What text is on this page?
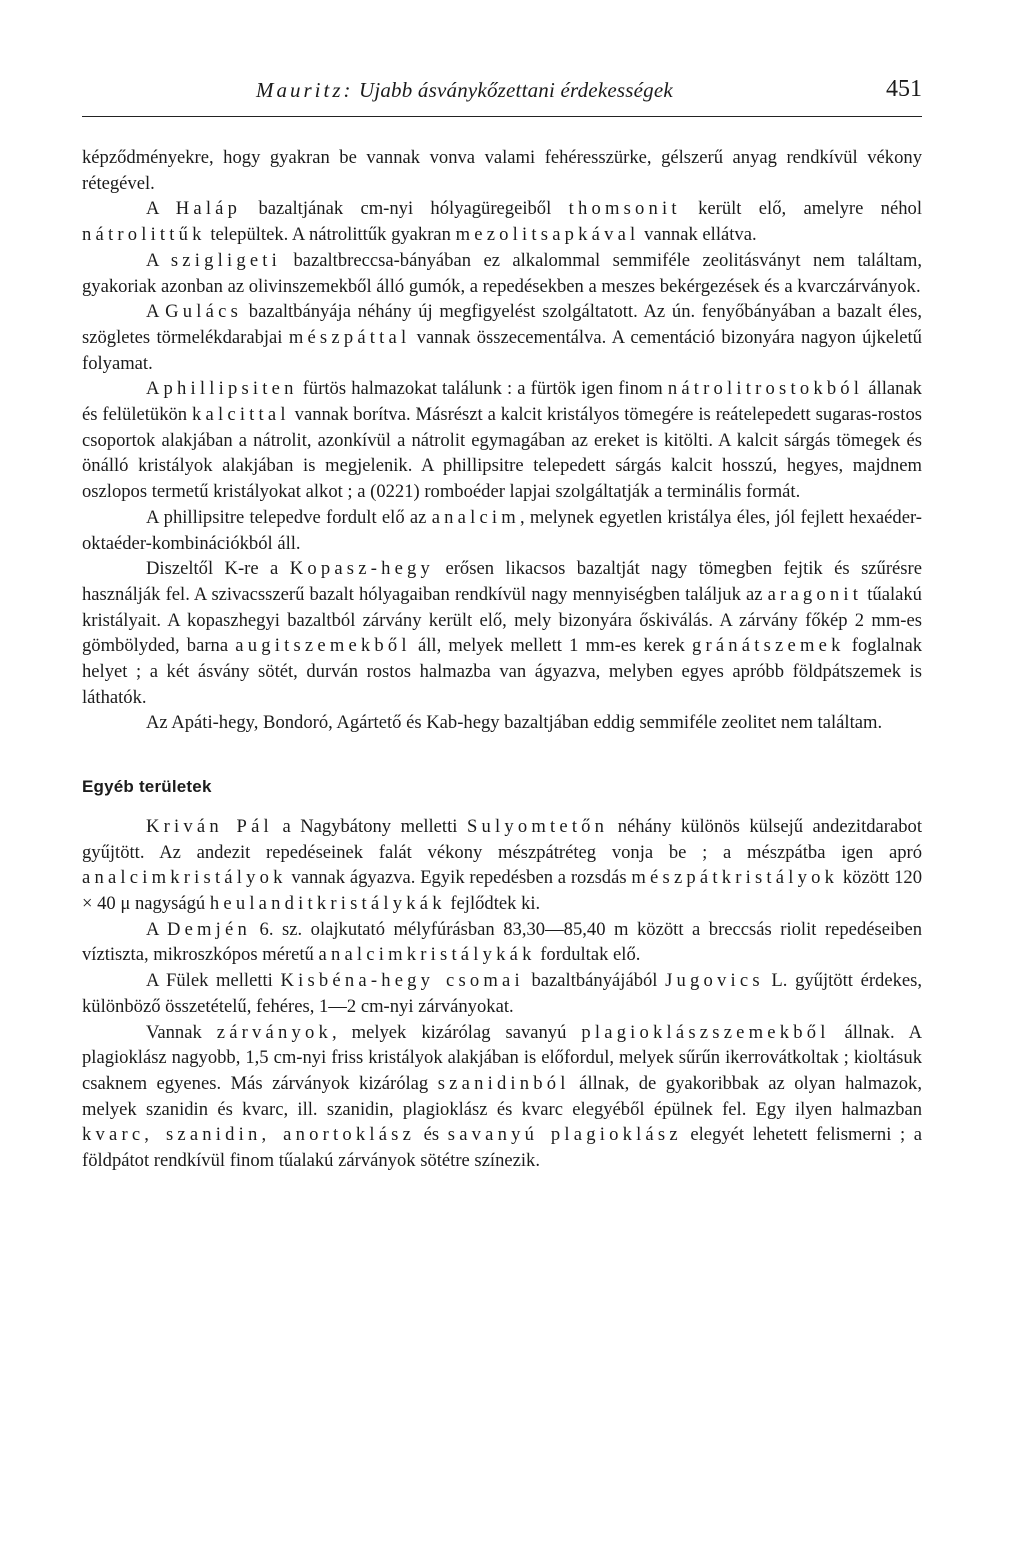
Mauritz: Ujabb ásványkőzettani érdekességek	451

képződményekre, hogy gyakran be vannak vonva valami fehéresszürke, gélszerű anyag rendkívül vékony rétegével.

A Haláp bazaltjának cm-nyi hólyagüregeiből thomsonit került elő, amelyre néhol nátrolittűk települtek. A nátrolittűk gyakran mezolitsapkával vannak ellátva.

A szigligeti bazaltbreccsa-bányában ez alkalommal semmiféle zeolitásványt nem találtam, gyakoriak azonban az olivinszemekből álló gumók, a repedésekben a meszes bekérgezések és a kvarczárványok.

A Gulács bazaltbányája néhány új megfigyelést szolgáltatott. Az ún. fenyőbányában a bazalt éles, szögletes törmelékdarabjai mészpáttal vannak összecementálva. A cementáció bizonyára nagyon újkeletű folyamat.

A phillipsiten fürtös halmazokat találunk : a fürtök igen finom nátrolitrostokból állanak és felületükön kalcittal vannak borítva. Másrészt a kalcit kristályos tömegére is reátelepedett sugaras-rostos csoportok alakjában a nátrolit, azonkívül a nátrolit egymagában az ereket is kitölti. A kalcit sárgás tömegek és önálló kristályok alakjában is megjelenik. A phillipsitre telepedett sárgás kalcit hosszú, hegyes, majdnem oszlopos termetű kristályokat alkot ; a (0221) romboéder lapjai szolgáltatják a terminális formát.

A phillipsitre telepedve fordult elő az analcim, melynek egyetlen kristálya éles, jól fejlett hexaéder-oktaéder-kombinációkból áll.

Diszeltől K-re a Kopasz-hegy erősen likacsos bazaltját nagy tömegben fejtik és szűrésre használják fel. A szivacsszerű bazalt hólyagaiban rendkívül nagy mennyiségben találjuk az aragonit tűalakú kristályait. A kopaszhegyi bazaltból zárvány került elő, mely bizonyára őskiválás. A zárvány főkép 2 mm-es gömbölyded, barna augitszemekből áll, melyek mellett 1 mm-es kerek gránátszemek foglalnak helyet ; a két ásvány sötét, durván rostos halmazba van ágyazva, melyben egyes apróbb földpátszemek is láthatók.

Az Apáti-hegy, Bondoró, Agártető és Kab-hegy bazaltjában eddig semmiféle zeolitet nem találtam.

Egyéb területek

Kriván Pál a Nagybátony melletti Sulyomtetőn néhány különös külsejű andezitdarabot gyűjtött. Az andezit repedéseinek falát vékony mészpátréteg vonja be ; a mészpátba igen apró analcimkristályok vannak ágyazva. Egyik repedésben a rozsdás mészpátkristályok között 120 × 40 μ nagyságú heulanditkristálykák fejlődtek ki.

A Demjén 6. sz. olajkutató mélyfúrásban 83,30—85,40 m között a breccsás riolit repedéseiben víztiszta, mikroszkópos méretű analcimkristálykák fordultak elő.

A Fülek melletti Kisbéna-hegy csomai bazaltbányájából Jugovics L. gyűjtött érdekes, különböző összetételű, fehéres, 1—2 cm-nyi zárványokat.

Vannak zárványok, melyek kizárólag savanyú plagioklászszemekből állnak. A plagioklász nagyobb, 1,5 cm-nyi friss kristályok alakjában is előfordul, melyek sűrűn ikerrovátkoltak ; kioltásuk csaknem egyenes. Más zárványok kizárólag szanidinból állnak, de gyakoribbak az olyan halmazok, melyek szanidin és kvarc, ill. szanidin, plagioklász és kvarc elegyéből épülnek fel. Egy ilyen halmazban kvarc, szanidin, anortoklász és savanyú plagioklász elegyét lehetett felismerni ; a földpátot rendkívül finom tűalakú zárványok sötétre színezik.
